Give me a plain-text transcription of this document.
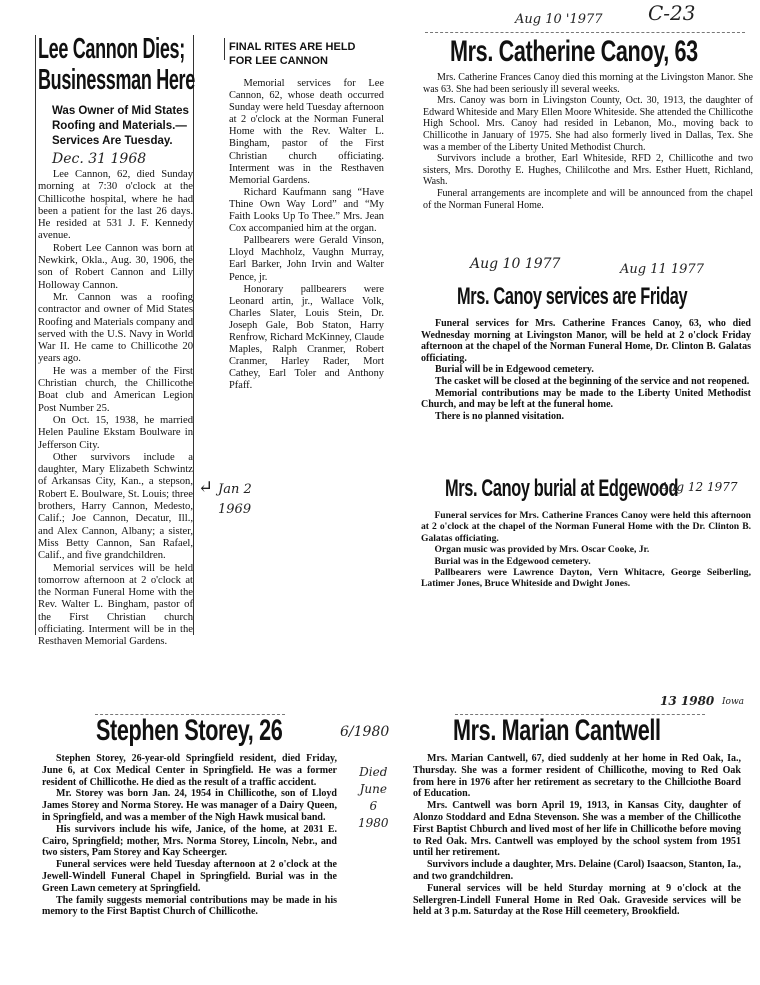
C-23
Lee Cannon Dies;
Businessman Here
Was Owner of Mid States Roofing and Materials.— Services Are Tuesday.
Dec. 31 1968

Lee Cannon, 62, died Sunday morning at 7:30 o'clock at the Chillicothe hospital, where he had been a patient for the last 26 days. He resided at 531 J. F. Kennedy avenue.

Robert Lee Cannon was born at Newkirk, Okla., Aug. 30, 1906, the son of Robert Cannon and Lilly Holloway Cannon.

Mr. Cannon was a roofing contractor and owner of Mid States Roofing and Materials company and served with the U.S. Navy in World War II. He came to Chillicothe 20 years ago.

He was a member of the First Christian church, the Chillicothe Boat club and American Legion Post Number 25.

On Oct. 15, 1938, he married Helen Pauline Ekstam Boulware in Jefferson City.

Other survivors include a daughter, Mary Elizabeth Schwintz of Arkansas City, Kan., a stepson, Robert E. Boulware, St. Louis; three brothers, Harry Cannon, Medesto, Calif.; Joe Cannon, Decatur, Ill., and Alex Cannon, Albany; a sister, Miss Betty Cannon, San Rafael, Calif., and five grandchildren.

Memorial services will be held tomorrow afternoon at 2 o'clock at the Norman Funeral Home with the Rev. Walter L. Bingham, pastor of the First Christian church officiating. Interment will be in the Resthaven Memorial Gardens.

FINAL RITES ARE HELD
FOR LEE CANNON

Memorial services for Lee Cannon, 62, whose death occurred Sunday were held Tuesday afternoon at 2 o'clock at the Norman Funeral Home with the Rev. Walter L. Bingham, pastor of the First Christian church officiating. Interment was in the Resthaven Memorial Gardens.

Richard Kaufmann sang “Have Thine Own Way Lord” and “My Faith Looks Up To Thee.” Mrs. Jean Cox accompanied him at the organ.

Pallbearers were Gerald Vinson, Lloyd Machholz, Vaughn Murray, Earl Barker, John Irvin and Walter Pence, jr.

Honorary pallbearers were Leonard artin, jr., Wallace Volk, Charles Slater, Louis Stein, Dr. Joseph Gale, Bob Staton, Harry Renfrow, Richard McKinney, Claude Maples, Ralph Cranmer, Robert Cranmer, Harley Rader, Mort Cathey, Earl Toler and Anthony Pfaff.

↵ Jan 2
1969
Aug 10 '1977
Mrs. Catherine Canoy, 63

Mrs. Catherine Frances Canoy died this morning at the Livingston Manor. She was 63. She had been seriously ill several weeks.

Mrs. Canoy was born in Livingston County, Oct. 30, 1913, the daughter of Edward Whiteside and Mary Ellen Moore Whiteside. She attended the Chillicothe High School. Mrs. Canoy had resided in Lebanon, Mo., moving back to Chillicothe in January of 1975. She had also formerly lived in Dallas, Tex. She was a member of the Liberty United Methodist Church.

Survivors include a brother, Earl Whiteside, RFD 2, Chillicothe and two sisters, Mrs. Dorothy E. Hughes, Chililcothe and Mrs. Esther Huett, Richland, Wash.

Funeral arrangements are incomplete and will be announced from the chapel of the Norman Funeral Home.

Aug 10 1977	Aug 11 1977
Mrs. Canoy services are Friday

Funeral services for Mrs. Catherine Frances Canoy, 63, who died Wednesday morning at Livingston Manor, will be held at 2 o'clock Friday afternoon at the chapel of the Norman Funeral Home, Dr. Clinton B. Galatas officiating.

Burial will be in Edgewood cemetery.

The casket will be closed at the beginning of the service and not reopened.

Memorial contributions may be made to the Liberty United Methodist Church, and may be left at the funeral home.

There is no planned visitation.

Mrs. Canoy burial at Edgewood

Funeral services for Mrs. Catherine Frances Canoy were held this afternoon at 2 o'clock at the chapel of the Norman Funeral Home with the Dr. Clinton B. Galatas officiating.

Organ music was provided by Mrs. Oscar Cooke, Jr.

Burial was in the Edgewood cemetery.

Pallbearers were Lawrence Dayton, Vern Whitacre, George Seiberling, Latimer Jones, Bruce Whiteside and Dwight Jones.

Aug 12 1977
Stephen Storey, 26

Stephen Storey, 26-year-old Springfield resident, died Friday, June 6, at Cox Medical Center in Springfield. He was a former resident of Chillicothe. He died as the result of a traffic accident.

Mr. Storey was born Jan. 24, 1954 in Chillicothe, son of Lloyd James Storey and Norma Storey. He was manager of a Dairy Queen, in Springfield, and was a member of the Nigh Hawk musical band.

His survivors include his wife, Janice, of the home, at 2031 E. Cairo, Springfield; mother, Mrs. Norma Storey, Lincoln, Nebr., and two sisters, Pam Storey and Kay Scheerger.

Funeral services were held Tuesday afternoon at 2 o'clock at the Jewell-Windell Funeral Chapel in Springfield. Burial was in the Green Lawn cemetery at Springfield.

The family suggests memorial contributions may be made in his memory to the First Baptist Church of Chillicothe.

6/1980
Died
June
6
1980
13 1980 Iowa
Mrs. Marian Cantwell

Mrs. Marian Cantwell, 67, died suddenly at her home in Red Oak, Ia., Thursday. She was a former resident of Chillicothe, moving to Red Oak from here in 1976 after her retirement as secretary to the Chillciothe Board of Education.

Mrs. Cantwell was born April 19, 1913, in Kansas City, daughter of Alonzo Stoddard and Edna Stevenson. She was a member of the Chillicothe First Baptist Chburch and lived most of her life in Chillicothe before moving to Red Oak. Mrs. Cantwell was employed by the school system from 1951 until her retirement.

Survivors include a daughter, Mrs. Delaine (Carol) Isaacson, Stanton, Ia., and two grandchildren.

Funeral services will be held Sturday morning at 9 o'clock at the Sellergren-Lindell Funeral Home in Red Oak. Graveside services will be held at 3 p.m. Saturday at the Rose Hill ceemetery, Brookfield.
